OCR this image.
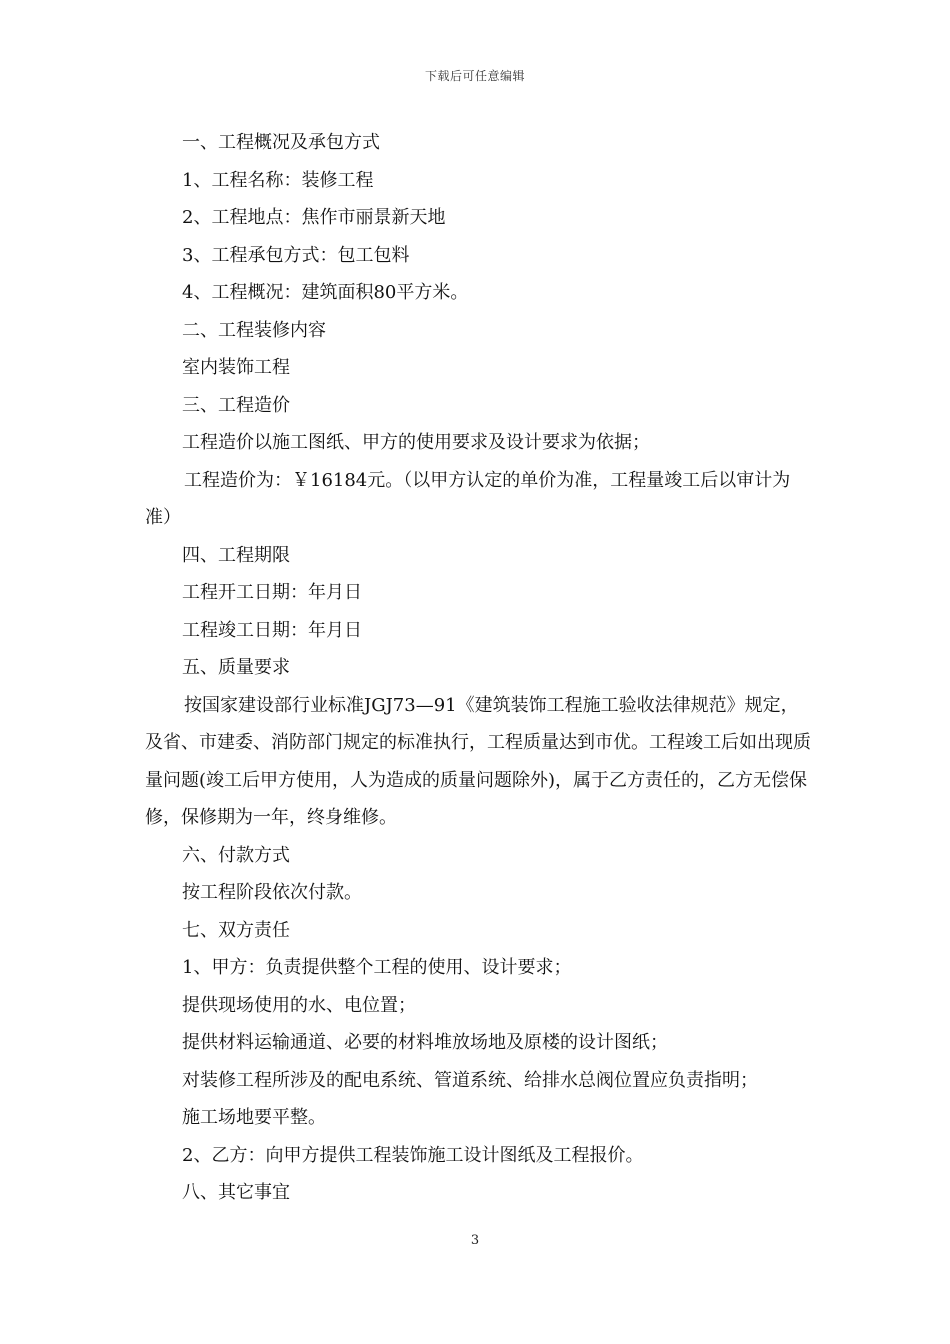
下载后可任意编辑

一、工程概况及承包方式

1、工程名称：装修工程

2、工程地点：焦作市丽景新天地

3、工程承包方式：包工包料

4、工程概况：建筑面积80平方米。

二、工程装修内容

室内装饰工程

三、工程造价

工程造价以施工图纸、甲方的使用要求及设计要求为依据；

工程造价为：￥16184元。（以甲方认定的单价为准，工程量竣工后以审计为准）

四、工程期限

工程开工日期：年月日

工程竣工日期：年月日

五、质量要求

按国家建设部行业标准JGJ73—91《建筑装饰工程施工验收法律规范》规定，及省、市建委、消防部门规定的标准执行，工程质量达到市优。工程竣工后如出现质量问题(竣工后甲方使用，人为造成的质量问题除外)，属于乙方责任的，乙方无偿保修，保修期为一年，终身维修。

六、付款方式

按工程阶段依次付款。

七、双方责任

1、甲方：负责提供整个工程的使用、设计要求；

提供现场使用的水、电位置；

提供材料运输通道、必要的材料堆放场地及原楼的设计图纸；

对装修工程所涉及的配电系统、管道系统、给排水总阀位置应负责指明；

施工场地要平整。

2、乙方：向甲方提供工程装饰施工设计图纸及工程报价。

八、其它事宜

3
